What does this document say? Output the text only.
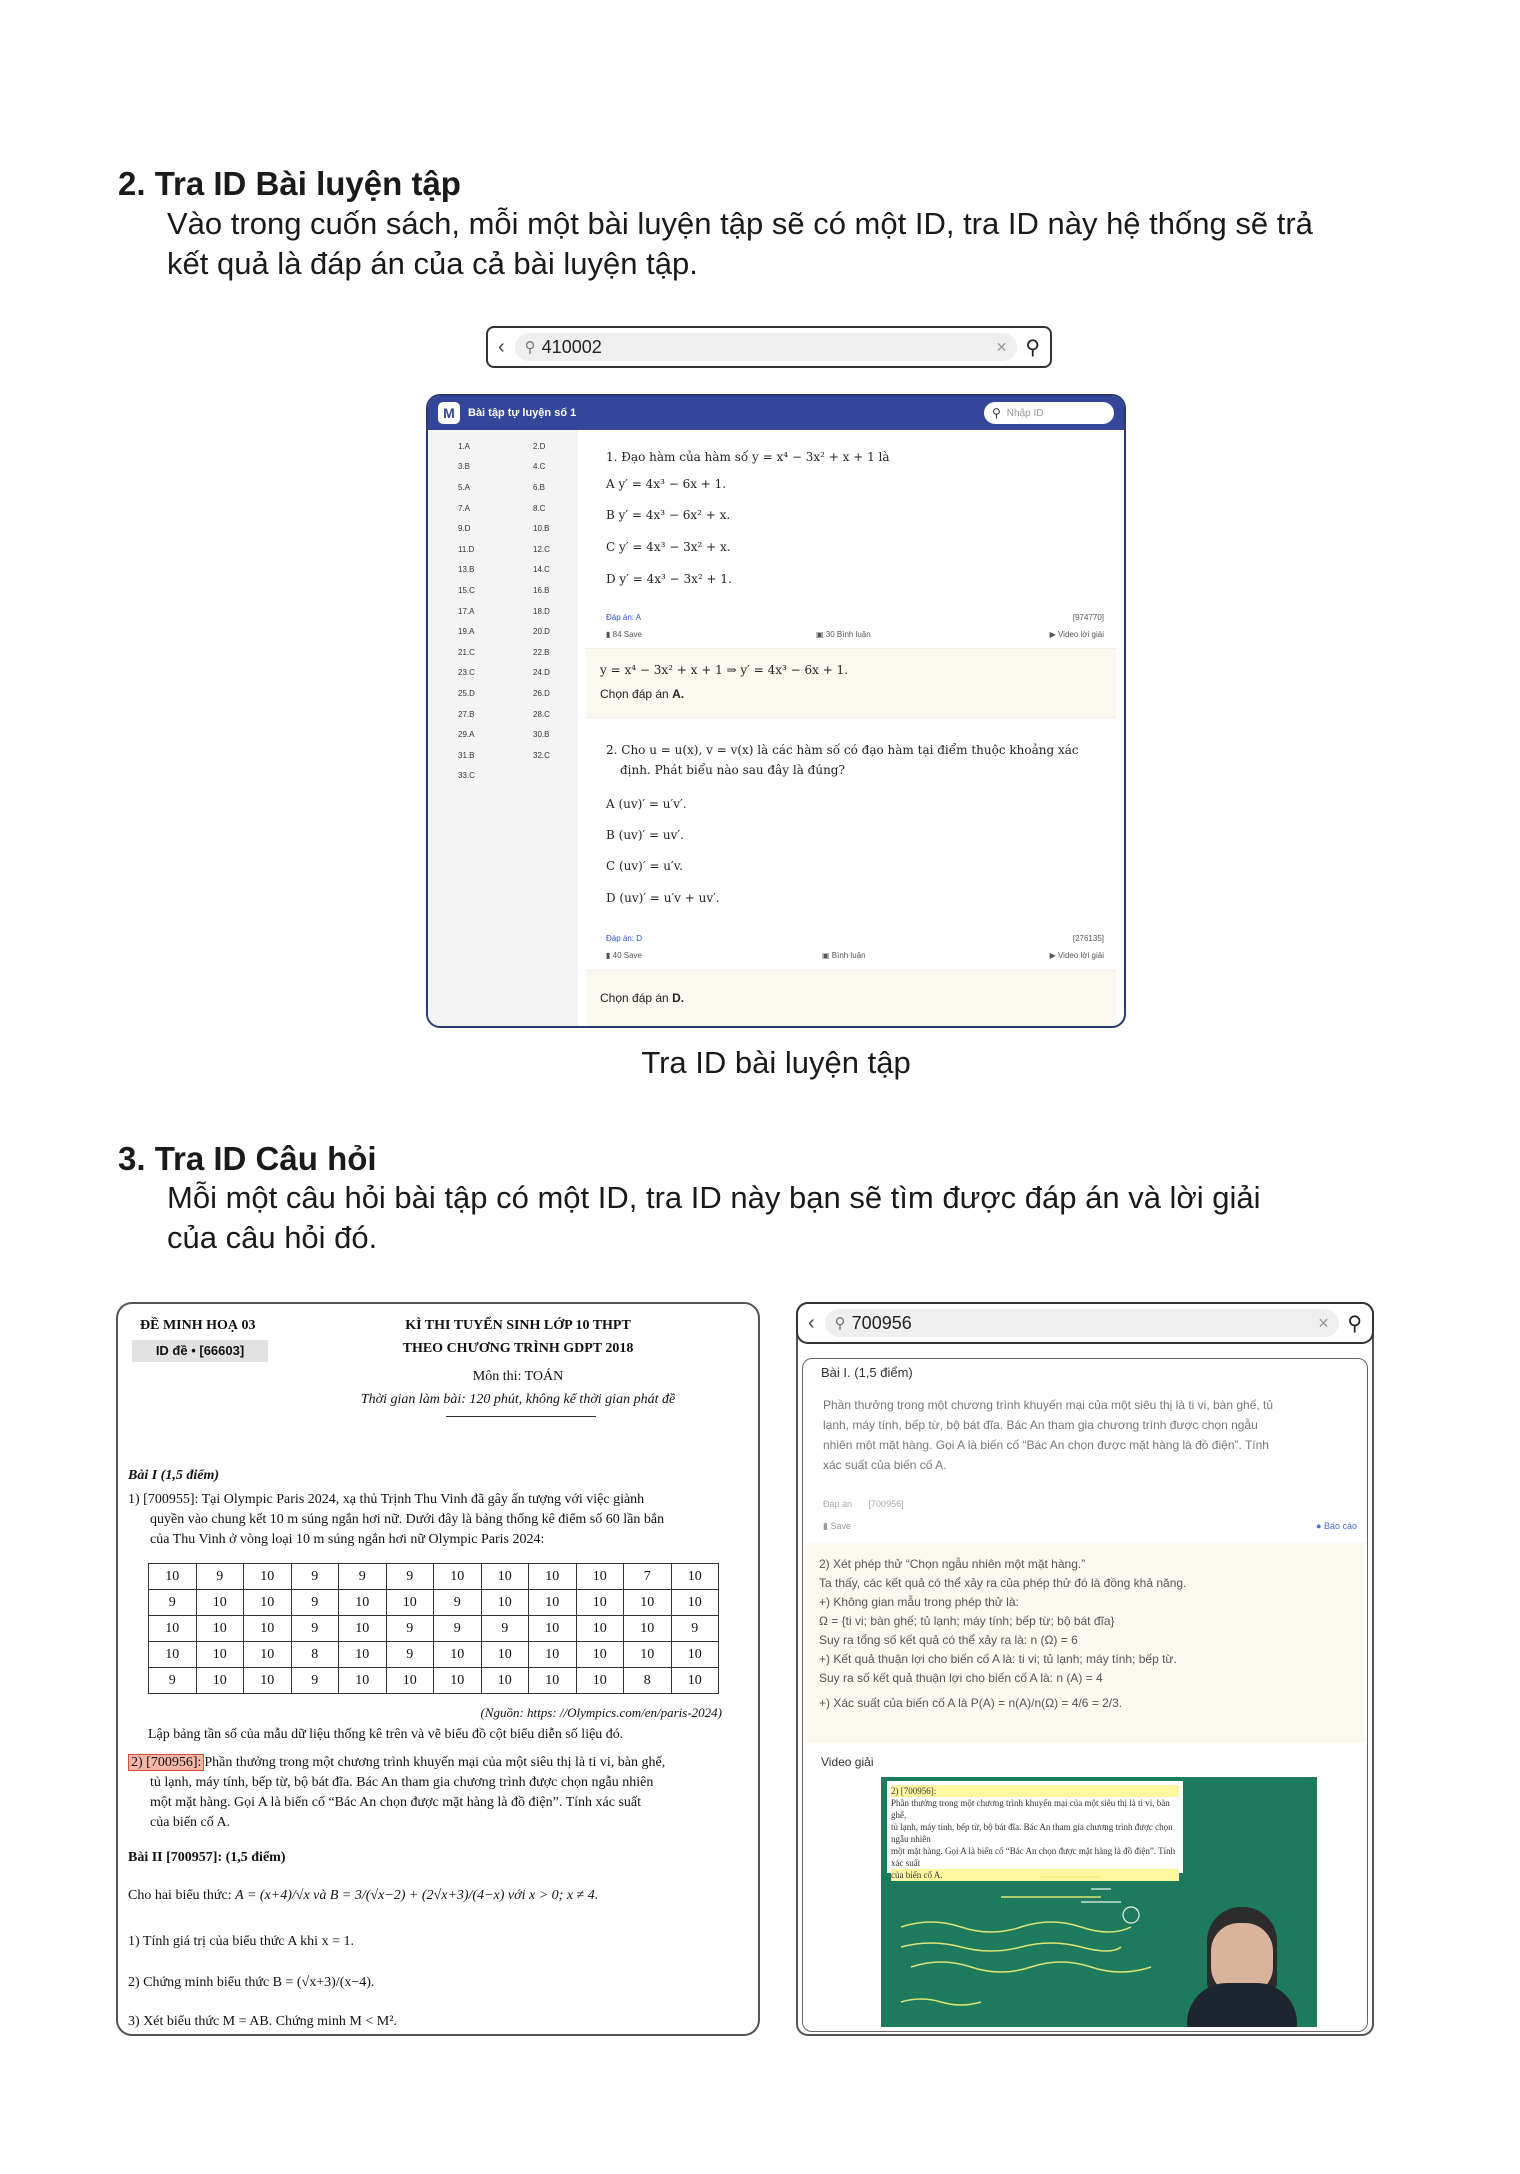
2. Tra ID Bài luyện tập
Vào trong cuốn sách, mỗi một bài luyện tập sẽ có một ID, tra ID này hệ thống sẽ trả
kết quả là đáp án của cả bài luyện tập.
‹ ⚲ 410002	✕ ⚲
M	Bài tập tự luyện số 1	⚲ Nhập ID
1.A	2.D
3.B	4.C
5.A	6.B
7.A	8.C
9.D	10.B
11.D	12.C
13.B	14.C
15.C	16.B
17.A	18.D
19.A	20.D
21.C	22.B
23.C	24.D
25.D	26.D
27.B	28.C
29.A	30.B
31.B	32.C
33.C
1. Đạo hàm của hàm số y = x⁴ − 3x² + x + 1 là
A y′ = 4x³ − 6x + 1.
B y′ = 4x³ − 6x² + x.
C y′ = 4x³ − 3x² + x.
D y′ = 4x³ − 3x² + 1.
Đáp án: A	[974770]
▮ 84 Save	▣ 30 Bình luận	▶ Video lời giải
y = x⁴ − 3x² + x + 1 ⇒ y′ = 4x³ − 6x + 1.
Chọn đáp án A.
2. Cho u = u(x), v = v(x) là các hàm số có đạo hàm tại điểm thuộc khoảng xác
định. Phát biểu nào sau đây là đúng?
A (uv)′ = u′v′.
B (uv)′ = uv′.
C (uv)′ = u′v.
D (uv)′ = u′v + uv′.
Đáp án: D	[276135]
▮ 40 Save	▣ Bình luận	▶ Video lời giải
Chọn đáp án D.
Tra ID bài luyện tập
3. Tra ID Câu hỏi
Mỗi một câu hỏi bài tập có một ID, tra ID này bạn sẽ tìm được đáp án và lời giải
của câu hỏi đó.
ĐỀ MINH HOẠ 03
ID đề • [66603]
KÌ THI TUYỂN SINH LỚP 10 THPT
THEO CHƯƠNG TRÌNH GDPT 2018
Môn thi: TOÁN
Thời gian làm bài: 120 phút, không kể thời gian phát đề
Bài I (1,5 điểm)
1) [700955]: Tại Olympic Paris 2024, xạ thủ Trịnh Thu Vinh đã gây ấn tượng với việc giành
quyền vào chung kết 10 m súng ngắn hơi nữ. Dưới đây là bảng thống kê điểm số 60 lần bắn
của Thu Vinh ở vòng loại 10 m súng ngắn hơi nữ Olympic Paris 2024:
10	9	10	9	9	9	10	10	10	10	7	10
9	10	10	9	10	10	9	10	10	10	10	10
10	10	10	9	10	9	9	9	10	10	10	9
10	10	10	8	10	9	10	10	10	10	10	10
9	10	10	9	10	10	10	10	10	10	8	10
(Nguồn: https: //Olympics.com/en/paris-2024)
Lập bảng tần số của mẫu dữ liệu thống kê trên và vẽ biểu đồ cột biểu diễn số liệu đó.
2) [700956]: Phần thưởng trong một chương trình khuyến mại của một siêu thị là ti vi, bàn ghế,
tủ lạnh, máy tính, bếp từ, bộ bát đĩa. Bác An tham gia chương trình được chọn ngẫu nhiên
một mặt hàng. Gọi A là biến cố “Bác An chọn được mặt hàng là đồ điện”. Tính xác suất
của biến cố A.
Bài II [700957]: (1,5 điểm)
Cho hai biểu thức: A = (x+4)/√x và B = 3/(√x−2) + (2√x+3)/(4−x) với x > 0; x ≠ 4.
1) Tính giá trị của biểu thức A khi x = 1.
2) Chứng minh biểu thức B = (√x+3)/(x−4).
3) Xét biểu thức M = AB. Chứng minh M < M².
‹ ⚲ 700956	✕ ⚲
Bài I. (1,5 điểm)
Phần thưởng trong một chương trình khuyến mại của một siêu thị là ti vi, bàn ghế, tủ
lạnh, máy tính, bếp từ, bộ bát đĩa. Bác An tham gia chương trình được chọn ngẫu
nhiên một mặt hàng. Gọi A là biến cố “Bác An chọn được mặt hàng là đồ điện”. Tính
xác suất của biến cố A.
Đáp án [700956]
▮ Save	● Báo cáo
2) Xét phép thử “Chọn ngẫu nhiên một mặt hàng.”
Ta thấy, các kết quả có thể xảy ra của phép thử đó là đồng khả năng.
+) Không gian mẫu trong phép thử là:
Ω = {ti vi; bàn ghế; tủ lạnh; máy tính; bếp từ; bộ bát đĩa}
Suy ra tổng số kết quả có thể xảy ra là: n (Ω) = 6
+) Kết quả thuận lợi cho biến cố A là: ti vi; tủ lạnh; máy tính; bếp từ.
Suy ra số kết quả thuận lợi cho biến cố A là: n (A) = 4
+) Xác suất của biến cố A là P(A) = n(A)/n(Ω) = 4/6 = 2/3.
Video giải
2) [700956]:
Phần thưởng trong một chương trình khuyến mại của một siêu thị là ti vi, bàn ghế,
tủ lạnh, máy tính, bếp từ, bộ bát đĩa. Bác An tham gia chương trình được chọn ngẫu nhiên
một mặt hàng. Gọi A là biến cố “Bác An chọn được mặt hàng là đồ điện”. Tính xác suất
của biến cố A.
